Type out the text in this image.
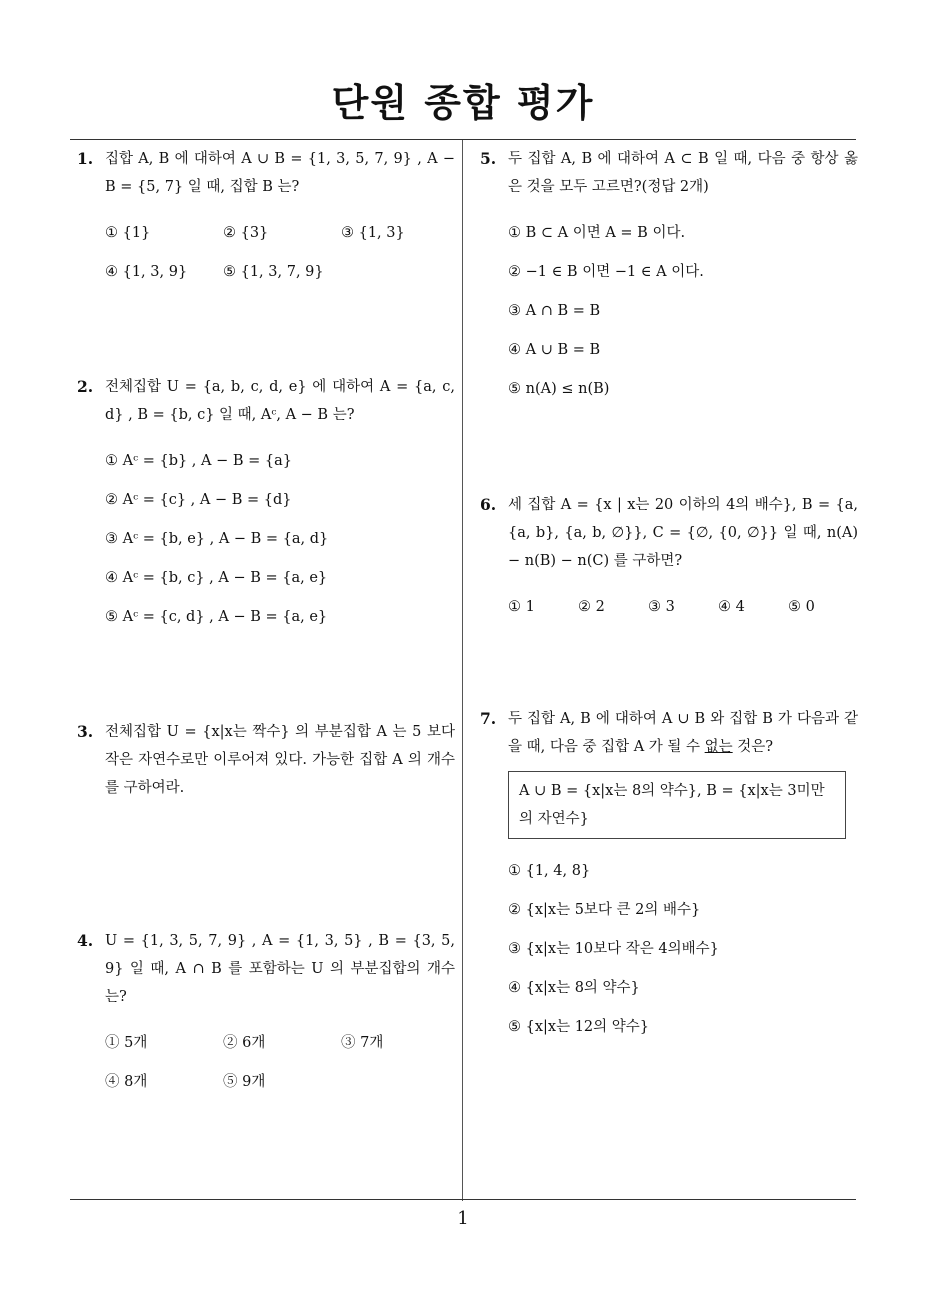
단원 종합 평가
1. 집합 A, B 에 대하여 A ∪ B = {1, 3, 5, 7, 9} , A − B = {5, 7} 일 때, 집합 B 는?
① {1}	② {3}	③ {1, 3}
④ {1, 3, 9}	⑤ {1, 3, 7, 9}
2. 전체집합 U = {a, b, c, d, e} 에 대하여 A = {a, c, d} , B = {b, c} 일 때, Aᶜ, A − B 는?
① Aᶜ = {b} , A − B = {a}
② Aᶜ = {c} , A − B = {d}
③ Aᶜ = {b, e} , A − B = {a, d}
④ Aᶜ = {b, c} , A − B = {a, e}
⑤ Aᶜ = {c, d} , A − B = {a, e}
3. 전체집합 U = {x|x는 짝수} 의 부분집합 A 는 5 보다 작은 자연수로만 이루어져 있다. 가능한 집합 A 의 개수를 구하여라.
4. U = {1, 3, 5, 7, 9} , A = {1, 3, 5} , B = {3, 5, 9} 일 때, A ∩ B 를 포함하는 U 의 부분집합의 개수는?
① 5개	② 6개	③ 7개
④ 8개	⑤ 9개
5. 두 집합 A, B 에 대하여 A ⊂ B 일 때, 다음 중 항상 옳은 것을 모두 고르면?(정답 2개)
① B ⊂ A 이면 A = B 이다.
② −1 ∈ B 이면 −1 ∈ A 이다.
③ A ∩ B = B
④ A ∪ B = B
⑤ n(A) ≤ n(B)
6. 세 집합 A = {x | x는 20 이하의 4의 배수}, B = {a, {a, b}, {a, b, ∅}}, C = {∅, {0, ∅}} 일 때, n(A) − n(B) − n(C) 를 구하면?
① 1	② 2	③ 3	④ 4	⑤ 0
7. 두 집합 A, B 에 대하여 A ∪ B 와 집합 B 가 다음과 같을 때, 다음 중 집합 A 가 될 수 없는 것은?
A ∪ B = {x|x는 8의 약수}, B = {x|x는 3미만의 자연수}
① {1, 4, 8}
② {x|x는 5보다 큰 2의 배수}
③ {x|x는 10보다 작은 4의배수}
④ {x|x는 8의 약수}
⑤ {x|x는 12의 약수}
1
